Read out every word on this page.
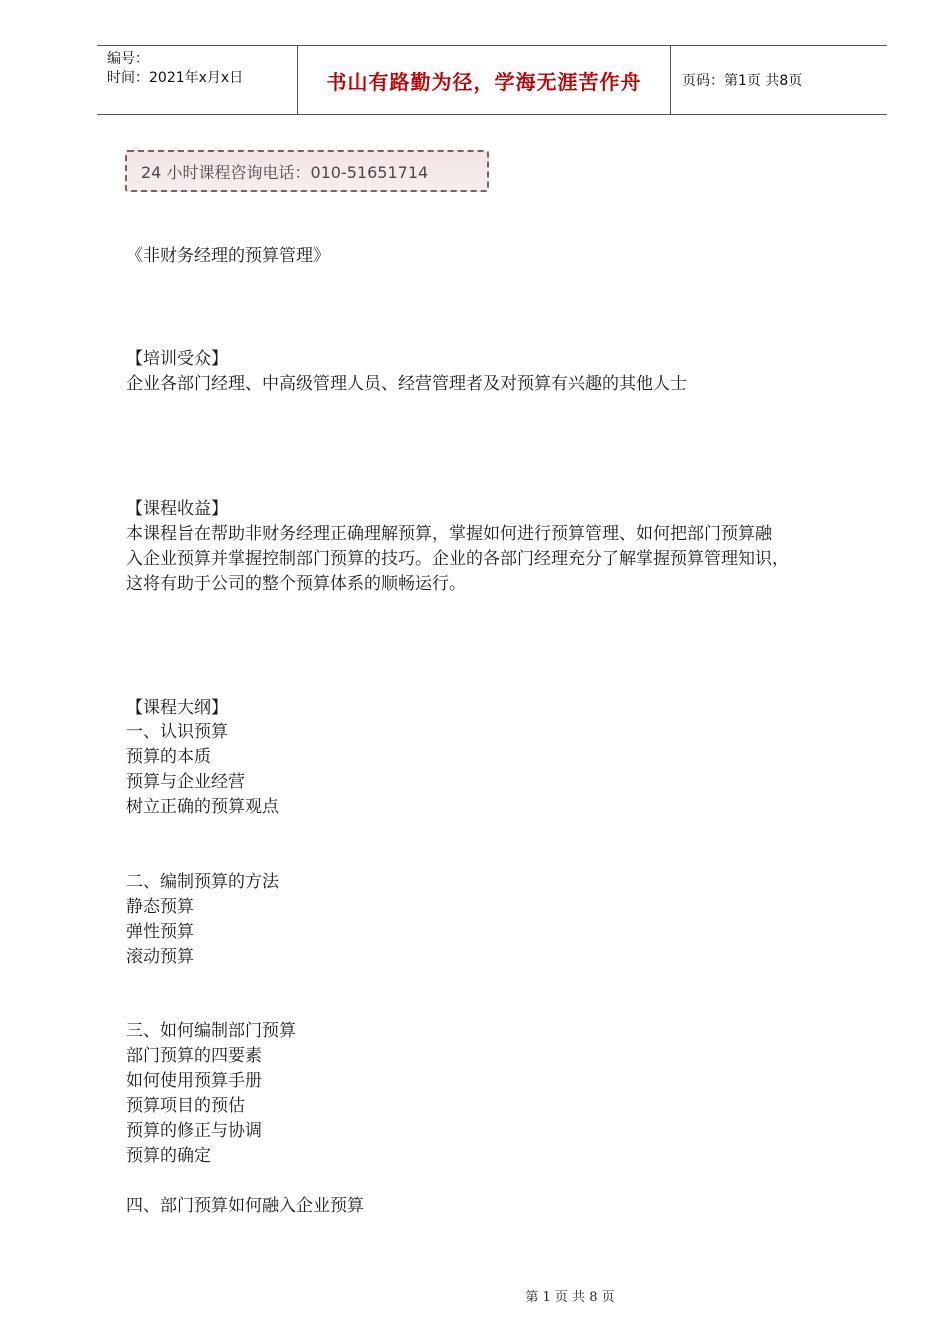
编号：
时间：2021年x月x日	书山有路勤为径，学海无涯苦作舟	页码：第1页 共8页
24 小时课程咨询电话：010-51651714
《非财务经理的预算管理》
【培训受众】
企业各部门经理、中高级管理人员、经营管理者及对预算有兴趣的其他人士
【课程收益】
本课程旨在帮助非财务经理正确理解预算，掌握如何进行预算管理、如何把部门预算融
入企业预算并掌握控制部门预算的技巧。企业的各部门经理充分了解掌握预算管理知识，
这将有助于公司的整个预算体系的顺畅运行。
【课程大纲】
一、认识预算
预算的本质
预算与企业经营
树立正确的预算观点
二、编制预算的方法
静态预算
弹性预算
滚动预算
三、如何编制部门预算
部门预算的四要素
如何使用预算手册
预算项目的预估
预算的修正与协调
预算的确定
四、部门预算如何融入企业预算
第 1 页 共 8 页
